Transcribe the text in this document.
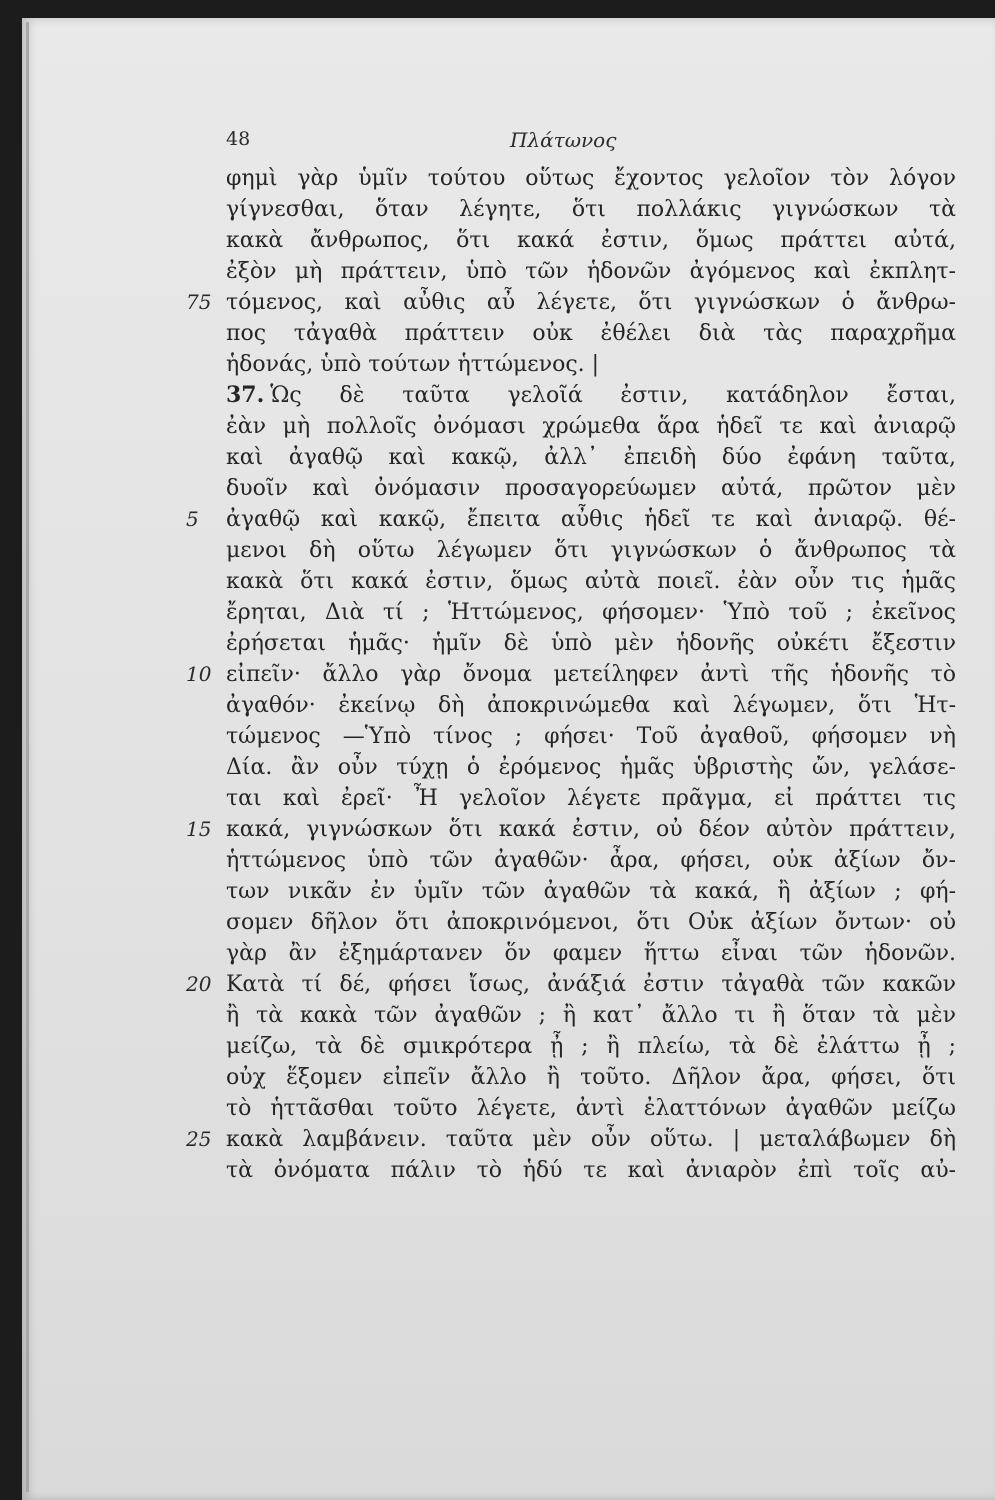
48	Πλάτωνος
φημὶ γὰρ ὑμῖν τούτου οὕτως ἔχοντος γελοῖον τὸν λόγον
γίγνεσθαι, ὅταν λέγητε, ὅτι πολλάκις γιγνώσκων τὰ
κακὰ ἄνθρωπος, ὅτι κακά ἐστιν, ὅμως πράττει αὐτά,
ἐξὸν μὴ πράττειν, ὑπὸ τῶν ἡδονῶν ἀγόμενος καὶ ἐκπλητ-
75 τόμενος, καὶ αὖθις αὖ λέγετε, ὅτι γιγνώσκων ὁ ἄνθρω-
πος τἀγαθὰ πράττειν οὐκ ἐθέλει διὰ τὰς παραχρῆμα
ἡδονάς, ὑπὸ τούτων ἡττώμενος. |
37. Ὡς δὲ ταῦτα γελοῖά ἐστιν, κατάδηλον ἔσται,
ἐὰν μὴ πολλοῖς ὀνόμασι χρώμεθα ἅρα ἡδεῖ τε καὶ ἀνιαρῷ
καὶ ἀγαθῷ καὶ κακῷ, ἀλλ᾽ ἐπειδὴ δύο ἐφάνη ταῦτα,
δυοῖν καὶ ὀνόμασιν προσαγορεύωμεν αὐτά, πρῶτον μὲν
5	ἀγαθῷ καὶ κακῷ, ἔπειτα αὖθις ἡδεῖ τε καὶ ἀνιαρῷ. θέ-
μενοι δὴ οὕτω λέγωμεν ὅτι γιγνώσκων ὁ ἄνθρωπος τὰ
κακὰ ὅτι κακά ἐστιν, ὅμως αὐτὰ ποιεῖ. ἐὰν οὖν τις ἡμᾶς
ἔρηται, Διὰ τί ; Ἡττώμενος, φήσομεν· Ὑπὸ τοῦ ; ἐκεῖνος
ἐρήσεται ἡμᾶς· ἡμῖν δὲ ὑπὸ μὲν ἡδονῆς οὐκέτι ἔξεστιν
10 εἰπεῖν· ἄλλο γὰρ ὄνομα μετείληφεν ἀντὶ τῆς ἡδονῆς τὸ
ἀγαθόν· ἐκείνῳ δὴ ἀποκρινώμεθα καὶ λέγωμεν, ὅτι Ἡτ-
τώμενος —Ὑπὸ τίνος ; φήσει· Τοῦ ἀγαθοῦ, φήσομεν νὴ
Δία. ἂν οὖν τύχῃ ὁ ἐρόμενος ἡμᾶς ὑβριστὴς ὤν, γελάσε-
ται καὶ ἐρεῖ· Ἦ γελοῖον λέγετε πρᾶγμα, εἰ πράττει τις
15 κακά, γιγνώσκων ὅτι κακά ἐστιν, οὐ δέον αὐτὸν πράττειν,
ἡττώμενος ὑπὸ τῶν ἀγαθῶν· ἆρα, φήσει, οὐκ ἀξίων ὄν-
των νικᾶν ἐν ὑμῖν τῶν ἀγαθῶν τὰ κακά, ἢ ἀξίων ; φή-
σομεν δῆλον ὅτι ἀποκρινόμενοι, ὅτι Οὐκ ἀξίων ὄντων· οὐ
γὰρ ἂν ἐξημάρτανεν ὅν φαμεν ἥττω εἶναι τῶν ἡδονῶν.
20 Κατὰ τί δέ, φήσει ἴσως, ἀνάξιά ἐστιν τἀγαθὰ τῶν κακῶν
ἢ τὰ κακὰ τῶν ἀγαθῶν ; ἢ κατ᾽ ἄλλο τι ἢ ὅταν τὰ μὲν
μείζω, τὰ δὲ σμικρότερα ᾖ ; ἢ πλείω, τὰ δὲ ἐλάττω ᾖ ;
οὐχ ἕξομεν εἰπεῖν ἄλλο ἢ τοῦτο. Δῆλον ἄρα, φήσει, ὅτι
τὸ ἡττᾶσθαι τοῦτο λέγετε, ἀντὶ ἐλαττόνων ἀγαθῶν μείζω
25 κακὰ λαμβάνειν. ταῦτα μὲν οὖν οὕτω. | μεταλάβωμεν δὴ
τὰ ὀνόματα πάλιν τὸ ἡδύ τε καὶ ἀνιαρὸν ἐπὶ τοῖς αὐ-
